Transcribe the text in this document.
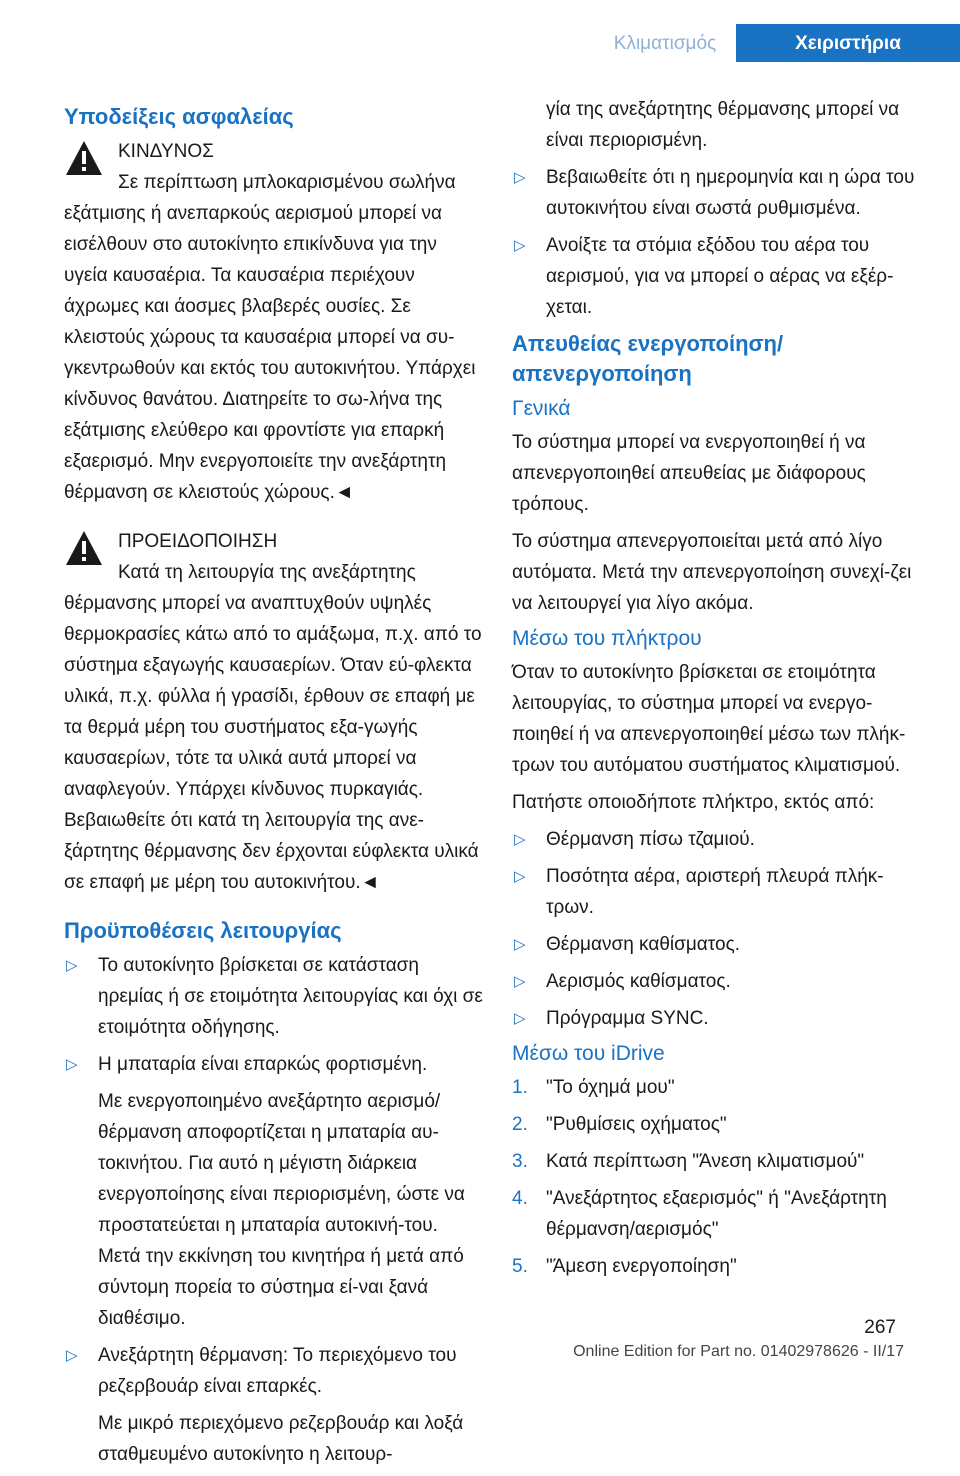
Κλιματισμός	Χειριστήρια
Υποδείξεις ασφαλείας
ΚΙΝΔΥΝΟΣ
Σε περίπτωση μπλοκαρισμένου σωλήνα εξάτμισης ή ανεπαρκούς αερισμού μπορεί να εισέλθουν στο αυτοκίνητο επικίνδυνα για την υγεία καυσαέρια. Τα καυσαέρια περιέχουν άχρωμες και άοσμες βλαβερές ουσίες. Σε κλειστούς χώρους τα καυσαέρια μπορεί να συ‐γκεντρωθούν και εκτός του αυτοκινήτου. Υπάρχει κίνδυνος θανάτου. Διατηρείτε το σω‐λήνα της εξάτμισης ελεύθερο και φροντίστε για επαρκή εξαερισμό. Μην ενεργοποιείτε την ανεξάρτητη θέρμανση σε κλειστούς χώρους.◄
ΠΡΟΕΙΔΟΠΟΙΗΣΗ
Κατά τη λειτουργία της ανεξάρτητης θέρμανσης μπορεί να αναπτυχθούν υψηλές θερμοκρασίες κάτω από το αμάξωμα, π.χ. από το σύστημα εξαγωγής καυσαερίων. Όταν εύ‐φλεκτα υλικά, π.χ. φύλλα ή γρασίδι, έρθουν σε επαφή με τα θερμά μέρη του συστήματος εξα‐γωγής καυσαερίων, τότε τα υλικά αυτά μπορεί να αναφλεγούν. Υπάρχει κίνδυνος πυρκαγιάς. Βεβαιωθείτε ότι κατά τη λειτουργία της ανε‐ξάρτητης θέρμανσης δεν έρχονται εύφλεκτα υλικά σε επαφή με μέρη του αυτοκινήτου.◄
Προϋποθέσεις λειτουργίας
▷ Το αυτοκίνητο βρίσκεται σε κατάσταση ηρεμίας ή σε ετοιμότητα λειτουργίας και όχι σε ετοιμότητα οδήγησης.
▷ Η μπαταρία είναι επαρκώς φορτισμένη.

Με ενεργοποιημένο ανεξάρτητο αερισμό/ θέρμανση αποφορτίζεται η μπαταρία αυ‐τοκινήτου. Για αυτό η μέγιστη διάρκεια ενεργοποίησης είναι περιορισμένη, ώστε να προστατεύεται η μπαταρία αυτοκινή‐του. Μετά την εκκίνηση του κινητήρα ή μετά από σύντομη πορεία το σύστημα εί‐ναι ξανά διαθέσιμο.

▷ Ανεξάρτητη θέρμανση: Το περιεχόμενο του ρεζερβουάρ είναι επαρκές.

Με μικρό περιεχόμενο ρεζερβουάρ και λοξά σταθμευμένο αυτοκίνητο η λειτουρ‐

γία της ανεξάρτητης θέρμανσης μπορεί να είναι περιορισμένη.

▷ Βεβαιωθείτε ότι η ημερομηνία και η ώρα του αυτοκινήτου είναι σωστά ρυθμισμένα.
▷ Ανοίξτε τα στόμια εξόδου του αέρα του αερισμού, για να μπορεί ο αέρας να εξέρ‐χεται.
Απευθείας ενεργοποίηση/ απενεργοποίηση
Γενικά

Το σύστημα μπορεί να ενεργοποιηθεί ή να απενεργοποιηθεί απευθείας με διάφορους τρόπους.

Το σύστημα απενεργοποιείται μετά από λίγο αυτόματα. Μετά την απενεργοποίηση συνεχί‐ζει να λειτουργεί για λίγο ακόμα.

Μέσω του πλήκτρου

Όταν το αυτοκίνητο βρίσκεται σε ετοιμότητα λειτουργίας, το σύστημα μπορεί να ενεργο‐ποιηθεί ή να απενεργοποιηθεί μέσω των πλήκ‐τρων του αυτόματου συστήματος κλιματισμού.

Πατήστε οποιοδήποτε πλήκτρο, εκτός από:

▷ Θέρμανση πίσω τζαμιού.
▷ Ποσότητα αέρα, αριστερή πλευρά πλήκ‐τρων.
▷ Θέρμανση καθίσματος.
▷ Αερισμός καθίσματος.
▷ Πρόγραμμα SYNC.
Μέσω του iDrive
1. "Το όχημά μου"
2. "Ρυθμίσεις οχήματος"
3. Κατά περίπτωση "Άνεση κλιματισμού"
4. "Ανεξάρτητος εξαερισμός" ή "Ανεξάρτητη θέρμανση/αερισμός"
5. "Άμεση ενεργοποίηση"
267
Online Edition for Part no. 01402978626 - II/17
